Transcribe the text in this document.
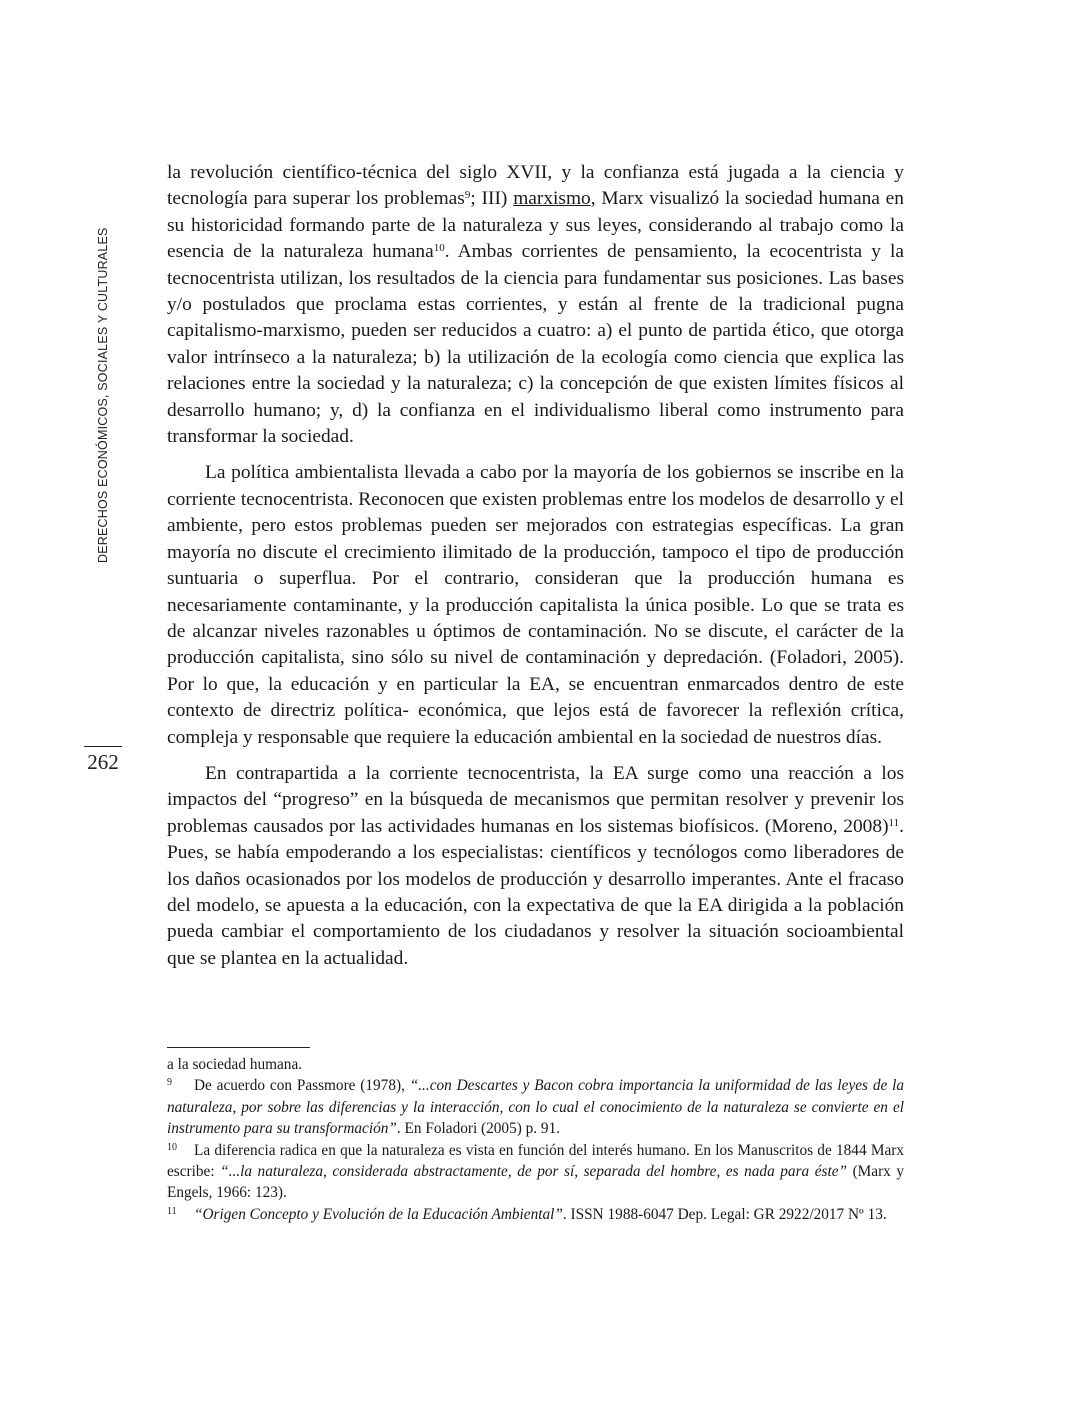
DERECHOS ECONÓMICOS, SOCIALES Y CULTURALES
262

la revolución científico-técnica del siglo XVII, y la confianza está jugada a la ciencia y tecnología para superar los problemas$^9$; III) marxismo, Marx visualizó la sociedad humana en su historicidad formando parte de la naturaleza y sus leyes, considerando al trabajo como la esencia de la naturaleza humana$^{10}$. Ambas corrientes de pensamiento, la ecocentrista y la tecnocentrista utilizan, los resultados de la ciencia para fundamentar sus posiciones. Las bases y/o postulados que proclama estas corrientes, y están al frente de la tradicional pugna capitalismo-marxismo, pueden ser reducidos a cuatro: a) el punto de partida ético, que otorga valor intrínseco a la naturaleza; b) la utilización de la ecología como ciencia que explica las relaciones entre la sociedad y la naturaleza; c) la concepción de que existen límites físicos al desarrollo humano; y, d) la confianza en el individualismo liberal como instrumento para transformar la sociedad.

La política ambientalista llevada a cabo por la mayoría de los gobiernos se inscribe en la corriente tecnocentrista. Reconocen que existen problemas entre los modelos de desarrollo y el ambiente, pero estos problemas pueden ser mejorados con estrategias específicas. La gran mayoría no discute el crecimiento ilimitado de la producción, tampoco el tipo de producción suntuaria o superflua. Por el contrario, consideran que la producción humana es necesariamente contaminante, y la producción capitalista la única posible. Lo que se trata es de alcanzar niveles razonables u óptimos de contaminación. No se discute, el carácter de la producción capitalista, sino sólo su nivel de contaminación y depredación. (Foladori, 2005). Por lo que, la educación y en particular la EA, se encuentran enmarcados dentro de este contexto de directriz política- económica, que lejos está de favorecer la reflexión crítica, compleja y responsable que requiere la educación ambiental en la sociedad de nuestros días.

En contrapartida a la corriente tecnocentrista, la EA surge como una reacción a los impactos del “progreso” en la búsqueda de mecanismos que permitan resolver y prevenir los problemas causados por las actividades humanas en los sistemas biofísicos. (Moreno, 2008)$^{11}$. Pues, se había empoderando a los especialistas: científicos y tecnólogos como liberadores de los daños ocasionados por los modelos de producción y desarrollo imperantes. Ante el fracaso del modelo, se apuesta a la educación, con la expectativa de que la EA dirigida a la población pueda cambiar el comportamiento de los ciudadanos y resolver la situación socioambiental que se plantea en la actualidad.

a la sociedad humana.

9 De acuerdo con Passmore (1978), “...con Descartes y Bacon cobra importancia la uniformidad de las leyes de la naturaleza, por sobre las diferencias y la interacción, con lo cual el conocimiento de la naturaleza se convierte en el instrumento para su transformación”. En Foladori (2005) p. 91.

10 La diferencia radica en que la naturaleza es vista en función del interés humano. En los Manuscritos de 1844 Marx escribe: “...la naturaleza, considerada abstractamente, de por sí, separada del hombre, es nada para éste” (Marx y Engels, 1966: 123).

11 “Origen Concepto y Evolución de la Educación Ambiental”. ISSN 1988-6047 Dep. Legal: GR 2922/2017 Nº 13.
